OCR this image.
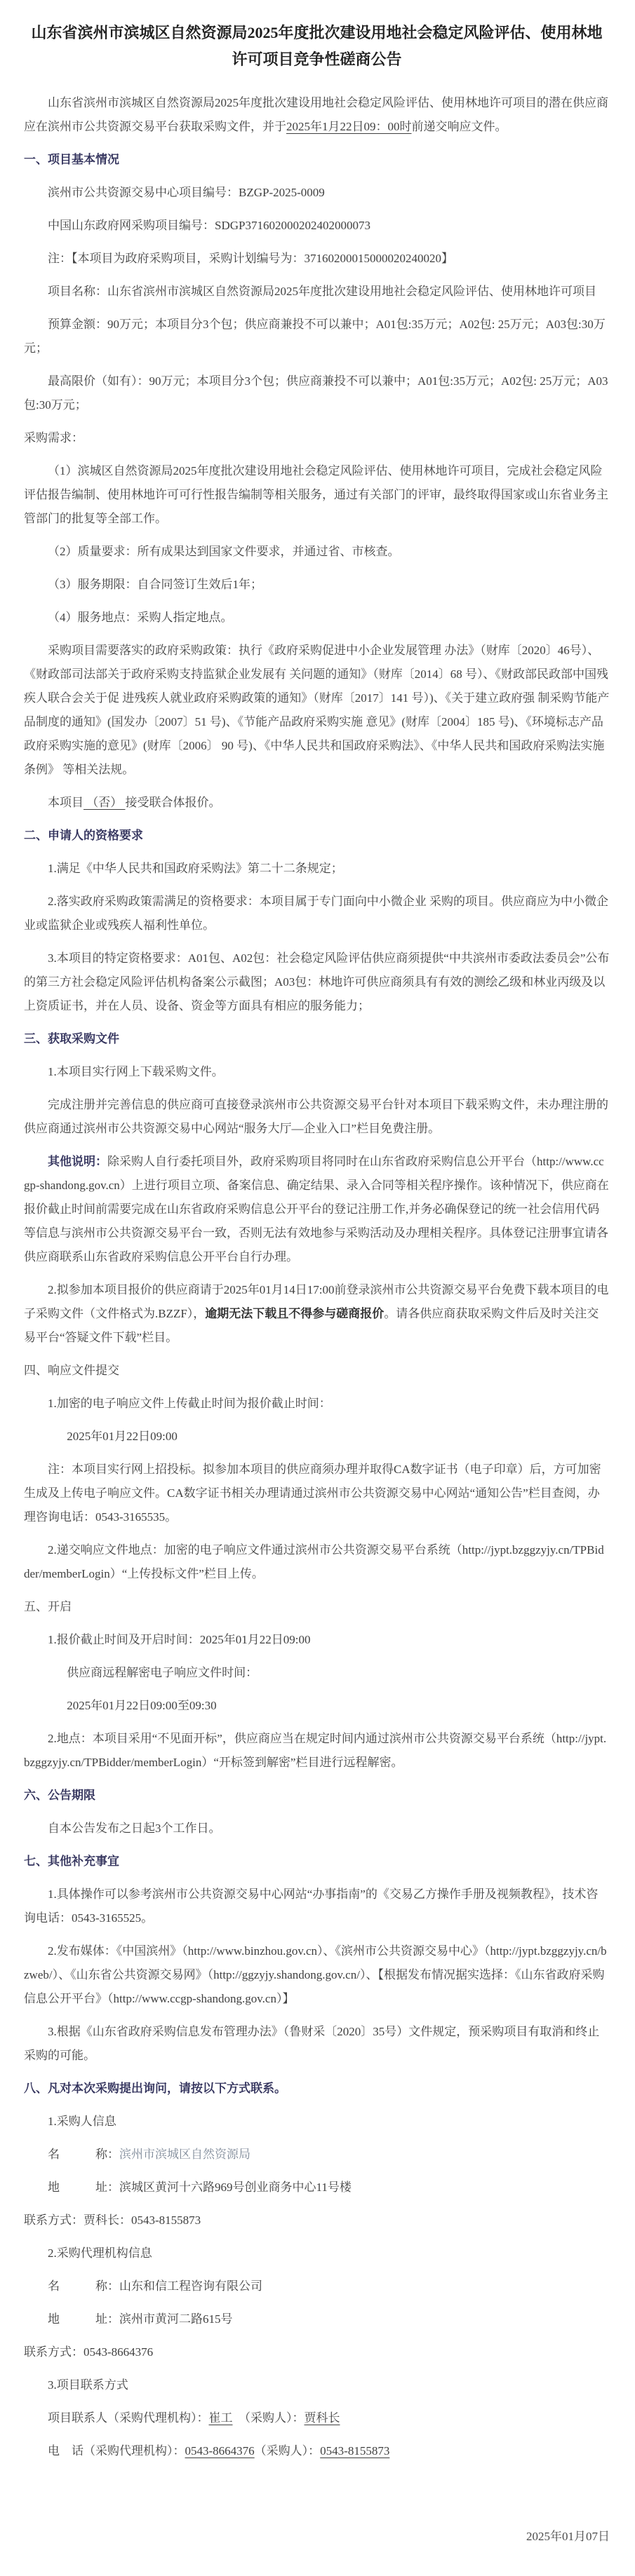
山东省滨州市滨城区自然资源局2025年度批次建设用地社会稳定风险评估、使用林地许可项目竞争性磋商公告

山东省滨州市滨城区自然资源局2025年度批次建设用地社会稳定风险评估、使用林地许可项目的潜在供应商应在滨州市公共资源交易平台获取采购文件，并于2025年1月22日09：00时前递交响应文件。

一、项目基本情况

滨州市公共资源交易中心项目编号：BZGP-2025-0009

中国山东政府网采购项目编号：SDGP371602000202402000073

注：【本项目为政府采购项目，采购计划编号为：37160200015000020240020】

项目名称：山东省滨州市滨城区自然资源局2025年度批次建设用地社会稳定风险评估、使用林地许可项目

预算金额：90万元；本项目分3个包；供应商兼投不可以兼中；A01包:35万元；A02包: 25万元；A03包:30万元；

最高限价（如有）：90万元；本项目分3个包；供应商兼投不可以兼中；A01包:35万元；A02包: 25万元；A03包:30万元；

采购需求：

（1）滨城区自然资源局2025年度批次建设用地社会稳定风险评估、使用林地许可项目，完成社会稳定风险评估报告编制、使用林地许可可行性报告编制等相关服务，通过有关部门的评审，最终取得国家或山东省业务主管部门的批复等全部工作。

（2）质量要求：所有成果达到国家文件要求，并通过省、市核查。

（3）服务期限：自合同签订生效后1年；

（4）服务地点：采购人指定地点。

采购项目需要落实的政府采购政策：执行《政府采购促进中小企业发展管理 办法》（财库〔2020〕46号）、《财政部司法部关于政府采购支持监狱企业发展有 关问题的通知》（财库〔2014〕68 号）、《财政部民政部中国残疾人联合会关于促 进残疾人就业政府采购政策的通知》（财库〔2017〕141 号）)、《关于建立政府强 制采购节能产品制度的通知》(国发办〔2007〕51 号)、《节能产品政府采购实施 意见》(财库〔2004〕185 号)、《环境标志产品政府采购实施的意见》(财库〔2006〕 90 号)、《中华人民共和国政府采购法》、《中华人民共和国政府采购法实施条例》 等相关法规。

本项目 （否） 接受联合体报价。

二、申请人的资格要求

1.满足《中华人民共和国政府采购法》第二十二条规定；

2.落实政府采购政策需满足的资格要求：本项目属于专门面向中小微企业 采购的项目。供应商应为中小微企业或监狱企业或残疾人福利性单位。

3.本项目的特定资格要求：A01包、A02包：社会稳定风险评估供应商须提供“中共滨州市委政法委员会”公布的第三方社会稳定风险评估机构备案公示截图；A03包：林地许可供应商须具有有效的测绘乙级和林业丙级及以上资质证书，并在人员、设备、资金等方面具有相应的服务能力；

三、获取采购文件

1.本项目实行网上下载采购文件。

完成注册并完善信息的供应商可直接登录滨州市公共资源交易平台针对本项目下载采购文件，未办理注册的供应商通过滨州市公共资源交易中心网站“服务大厅—企业入口”栏目免费注册。

其他说明：除采购人自行委托项目外，政府采购项目将同时在山东省政府采购信息公开平台（http://www.ccgp-shandong.gov.cn）上进行项目立项、备案信息、确定结果、录入合同等相关程序操作。该种情况下，供应商在报价截止时间前需要完成在山东省政府采购信息公开平台的登记注册工作,并务必确保登记的统一社会信用代码等信息与滨州市公共资源交易平台一致，否则无法有效地参与采购活动及办理相关程序。具体登记注册事宜请各供应商联系山东省政府采购信息公开平台自行办理。

2.拟参加本项目报价的供应商请于2025年01月14日17:00前登录滨州市公共资源交易平台免费下载本项目的电子采购文件（文件格式为.BZZF），逾期无法下载且不得参与磋商报价。请各供应商获取采购文件后及时关注交易平台“答疑文件下载”栏目。

四、响应文件提交

1.加密的电子响应文件上传截止时间为报价截止时间：

2025年01月22日09:00

注：本项目实行网上招投标。拟参加本项目的供应商须办理并取得CA数字证书（电子印章）后，方可加密生成及上传电子响应文件。CA数字证书相关办理请通过滨州市公共资源交易中心网站“通知公告”栏目查阅，办理咨询电话：0543-3165535。

2.递交响应文件地点：加密的电子响应文件通过滨州市公共资源交易平台系统（http://jypt.bzggzyjy.cn/TPBidder/memberLogin）“上传投标文件”栏目上传。

五、开启

1.报价截止时间及开启时间：2025年01月22日09:00

供应商远程解密电子响应文件时间：

2025年01月22日09:00至09:30

2.地点：本项目采用“不见面开标”，供应商应当在规定时间内通过滨州市公共资源交易平台系统（http://jypt.bzggzyjy.cn/TPBidder/memberLogin）“开标签到解密”栏目进行远程解密。

六、公告期限

自本公告发布之日起3个工作日。

七、其他补充事宜

1.具体操作可以参考滨州市公共资源交易中心网站“办事指南”的《交易乙方操作手册及视频教程》，技术咨询电话：0543-3165525。

2.发布媒体：《中国滨州》（http://www.binzhou.gov.cn）、《滨州市公共资源交易中心》（http://jypt.bzggzyjy.cn/bzweb/）、《山东省公共资源交易网》（http://ggzyjy.shandong.gov.cn/）、【根据发布情况据实选择：《山东省政府采购信息公开平台》（http://www.ccgp-shandong.gov.cn）】

3.根据《山东省政府采购信息发布管理办法》（鲁财采〔2020〕35号）文件规定，预采购项目有取消和终止采购的可能。

八、凡对本次采购提出询问，请按以下方式联系。

1.采购人信息

名　　　称：滨州市滨城区自然资源局

地　　　址：滨城区黄河十六路969号创业商务中心11号楼

联系方式：贾科长：0543-8155873

2.采购代理机构信息

名　　　称：山东和信工程咨询有限公司

地　　　址：滨州市黄河二路615号

联系方式：0543-8664376

3.项目联系方式

项目联系人（采购代理机构）：崔工　（采购人）：贾科长

电　话（采购代理机构）：0543-8664376（采购人）：0543-8155873

2025年01月07日
